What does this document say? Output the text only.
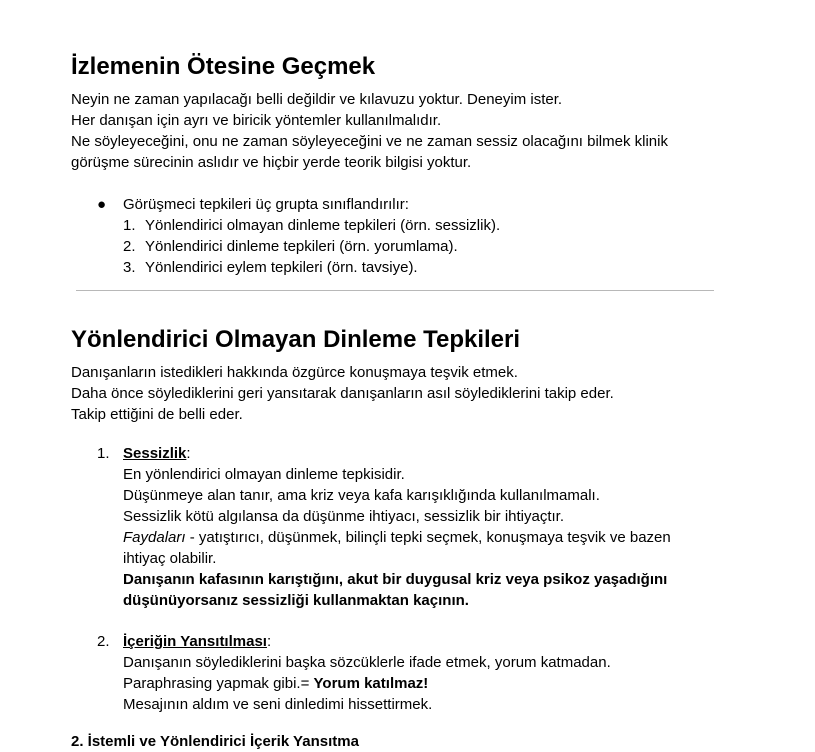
İzlemenin Ötesine Geçmek

Neyin ne zaman yapılacağı belli değildir ve kılavuzu yoktur. Deneyim ister.

Her danışan için ayrı ve biricik yöntemler kullanılmalıdır.

Ne söyleyeceğini, onu ne zaman söyleyeceğini ve ne zaman sessiz olacağını bilmek klinik

görüşme sürecinin aslıdır ve hiçbir yerde teorik bilgisi yoktur.

● Görüşmeci tepkileri üç grupta sınıflandırılır:

1. Yönlendirici olmayan dinleme tepkileri (örn. sessizlik).
2. Yönlendirici dinleme tepkileri (örn. yorumlama).
3. Yönlendirici eylem tepkileri (örn. tavsiye).
Yönlendirici Olmayan Dinleme Tepkileri

Danışanların istedikleri hakkında özgürce konuşmaya teşvik etmek.

Daha önce söylediklerini geri yansıtarak danışanların asıl söylediklerini takip eder.

Takip ettiğini de belli eder.

1. Sessizlik:

En yönlendirici olmayan dinleme tepkisidir.

Düşünmeye alan tanır, ama kriz veya kafa karışıklığında kullanılmamalı.

Sessizlik kötü algılansa da düşünme ihtiyacı, sessizlik bir ihtiyaçtır.

Faydaları - yatıştırıcı, düşünmek, bilinçli tepki seçmek, konuşmaya teşvik ve bazen

ihtiyaç olabilir.

Danışanın kafasının karıştığını, akut bir duygusal kriz veya psikoz yaşadığını

düşünüyorsanız sessizliği kullanmaktan kaçının.

2. İçeriğin Yansıtılması:

Danışanın söylediklerini başka sözcüklerle ifade etmek, yorum katmadan.

Paraphrasing yapmak gibi.= Yorum katılmaz!

Mesajının aldım ve seni dinledimi hissettirmek.

2. İstemli ve Yönlendirici İçerik Yansıtma
